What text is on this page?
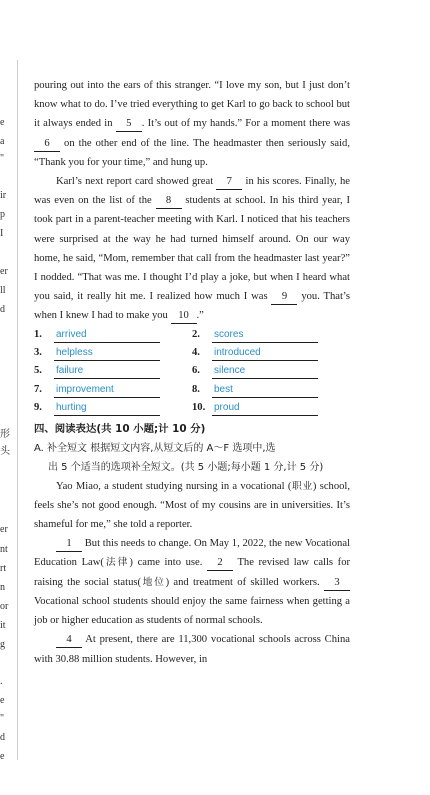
e
a
"
ir
p
I
er
ll
d
形
头
er
nt
rt
n
or
it
g
.
e
"
d
e

pouring out into the ears of this stranger. “I love my son, but I just don’t know what to do. I’ve tried everything to get Karl to go back to school but it always ended in 5 . It’s out of my hands.” For a moment there was 6 on the other end of the line. The headmaster then seriously said, “Thank you for your time,” and hung up.

Karl’s next report card showed great 7 in his scores. Finally, he was even on the list of the 8 students at school. In his third year, I took part in a parent-teacher meeting with Karl. I noticed that his teachers were surprised at the way he had turned himself around. On our way home, he said, “Mom, remember that call from the headmaster last year?” I nodded. “That was me. I thought I’d play a joke, but when I heard what you said, it really hit me. I realized how much I was 9 you. That’s when I knew I had to make you 10 .”

1.	arrived	2.	scores
3.	helpless	4.	introduced
5.	failure	6.	silence
7.	improvement	8.	best
9.	hurting	10. proud
四、阅读表达(共 10 小题;计 10 分)
A. 补全短文 根据短文内容,从短文后的 A～F 选项中,选
出 5 个适当的选项补全短文。(共 5 小题;每小题 1 分,计 5 分)

Yao Miao, a student studying nursing in a vocational (职业) school, feels she’s not good enough. “Most of my cousins are in universities. It’s shameful for me,” she told a reporter.

1 But this needs to change. On May 1, 2022, the new Vocational Education Law(法律) came into use. 2 The revised law calls for raising the social status(地位) and treatment of skilled workers. 3 Vocational school students should enjoy the same fairness when getting a job or higher education as students of normal schools.

4 At present, there are 11,300 vocational schools across China with 30.88 million students. However, in
